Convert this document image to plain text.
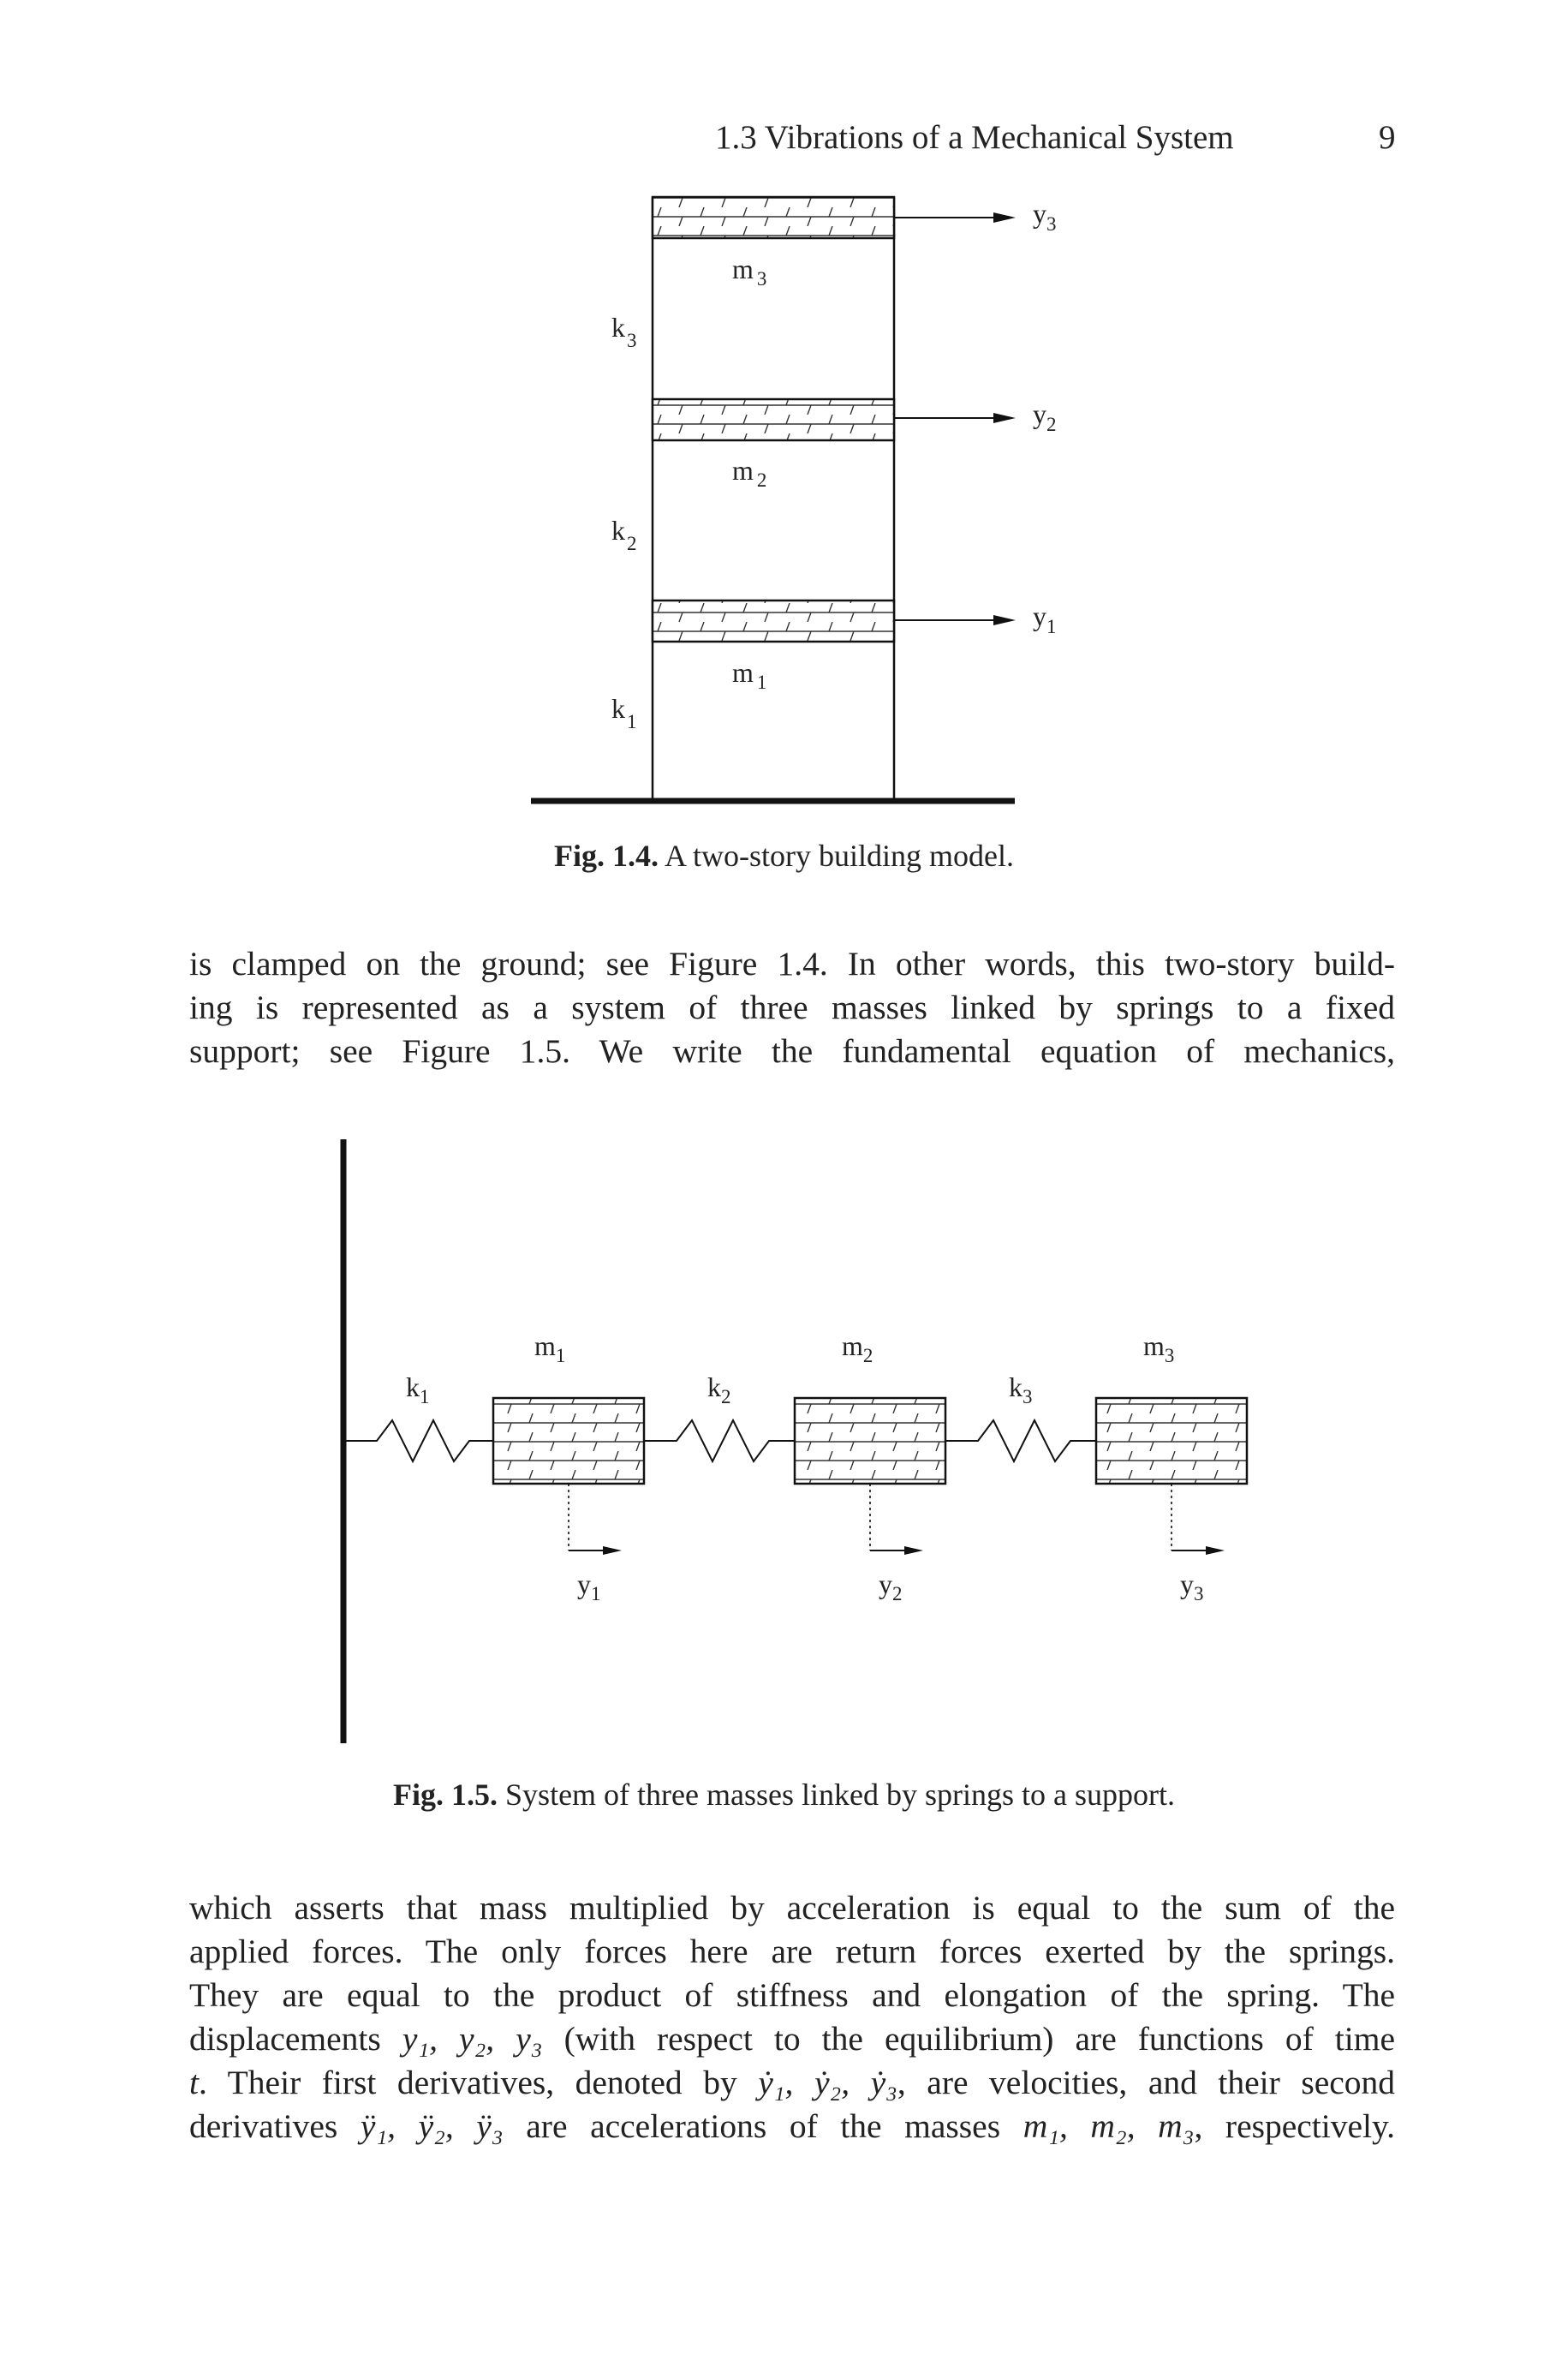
1.3 Vibrations of a Mechanical System	9
$y_3$
$y_2$
$y_1$
m $_3$
m $_2$
m $_1$
$k_3$
$k_2$
$k_1$
Fig. 1.4. A two-story building model.
is clamped on the ground; see Figure 1.4. In other words, this two-story build-
ing is represented as a system of three masses linked by springs to a fixed
support; see Figure 1.5. We write the fundamental equation of mechanics,
$m_1$	$m_2$	$m_3$
$k_1$	$k_2$	$k_3$
$y_1$	$y_2$	$y_3$
Fig. 1.5. System of three masses linked by springs to a support.
which asserts that mass multiplied by acceleration is equal to the sum of the
applied forces. The only forces here are return forces exerted by the springs.
They are equal to the product of stiffness and elongation of the spring. The
displacements y₁, y₂, y₃ (with respect to the equilibrium) are functions of time
t. Their first derivatives, denoted by ẏ₁, ẏ₂, ẏ₃, are velocities, and their second
derivatives ÿ₁, ÿ₂, ÿ₃ are accelerations of the masses m₁, m₂, m₃, respectively.
